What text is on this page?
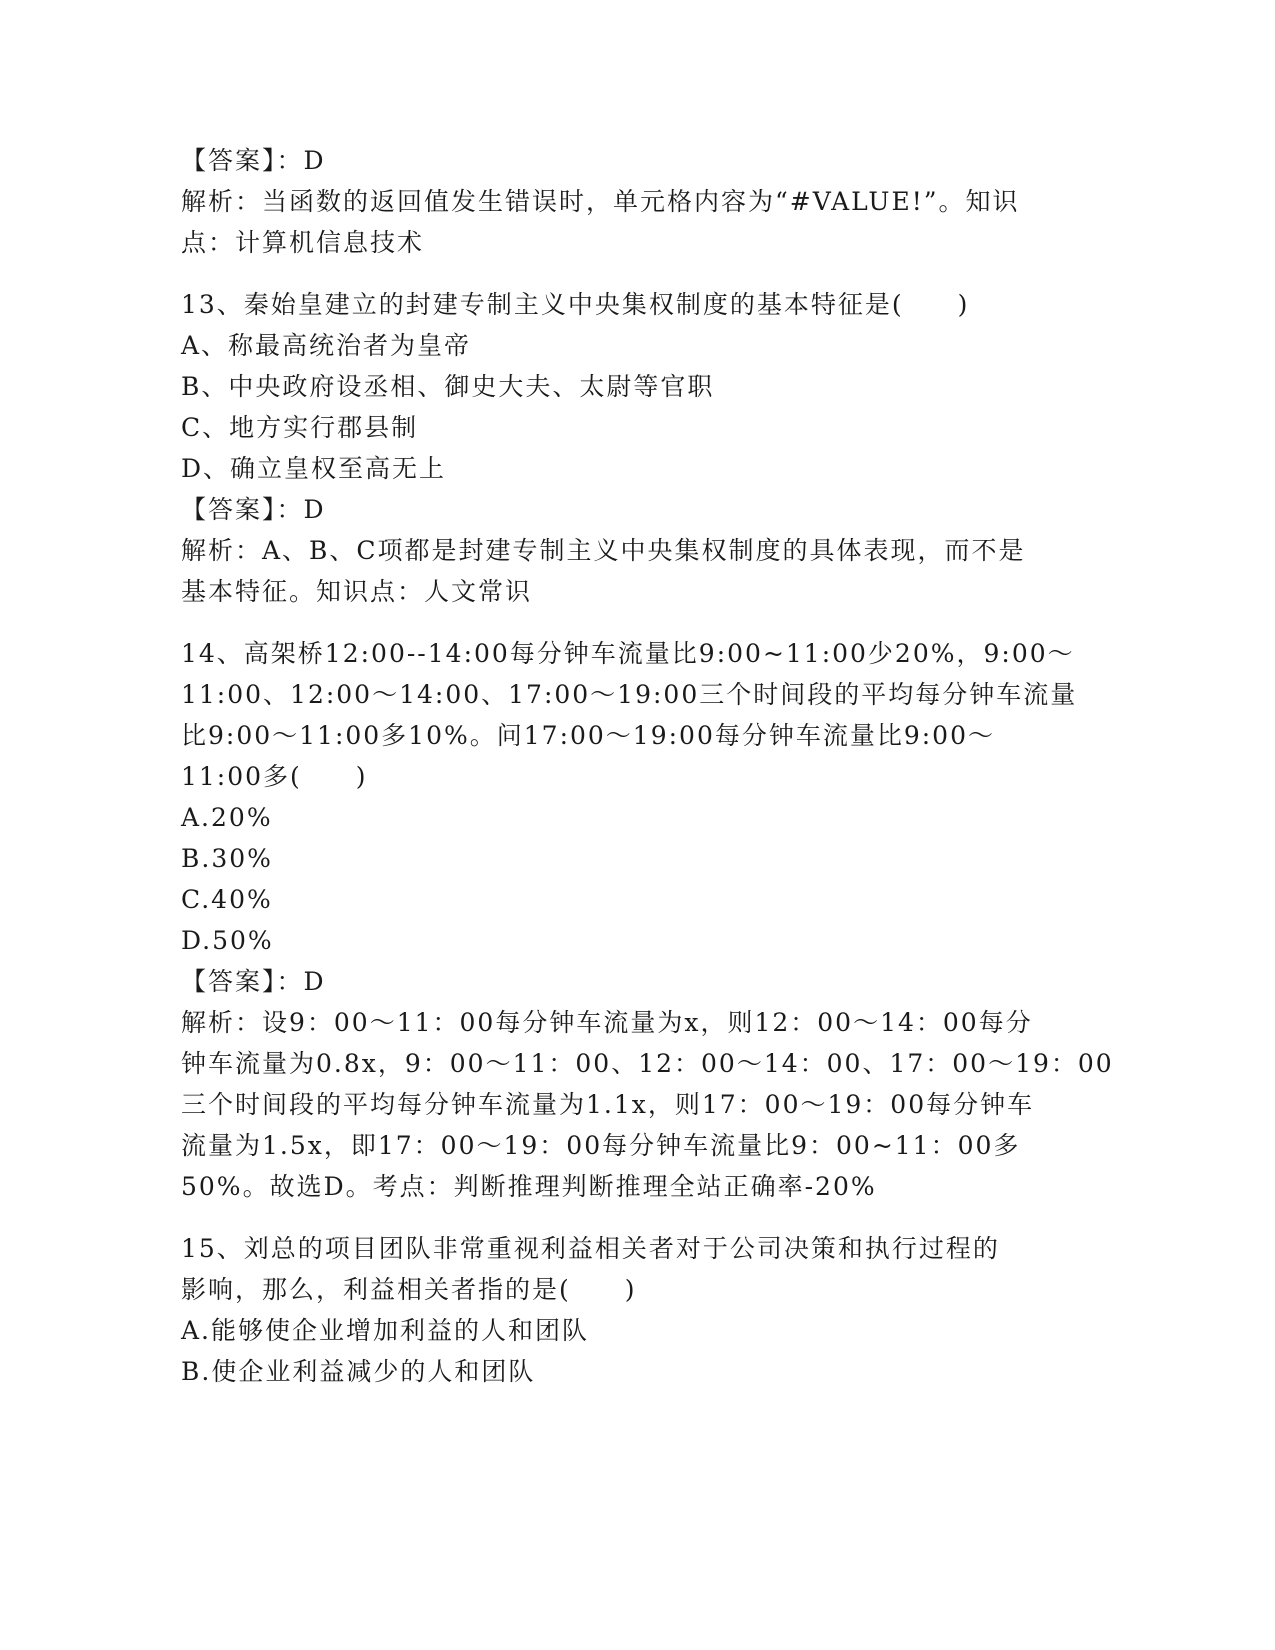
【答案】：D
解析：当函数的返回值发生错误时，单元格内容为“#VALUE!”。知识
点：计算机信息技术
13、秦始皇建立的封建专制主义中央集权制度的基本特征是(　　)
A、称最高统治者为皇帝
B、中央政府设丞相、御史大夫、太尉等官职
C、地方实行郡县制
D、确立皇权至高无上
【答案】：D
解析：A、B、C项都是封建专制主义中央集权制度的具体表现，而不是
基本特征。知识点：人文常识
14、高架桥12:00--14:00每分钟车流量比9:00~11:00少20%，9:00～
11:00、12:00～14:00、17:00～19:00三个时间段的平均每分钟车流量
比9:00～11:00多10%。问17:00～19:00每分钟车流量比9:00～
11:00多(　　)
A.20%
B.30%
C.40%
D.50%
【答案】：D
解析：设9：00～11：00每分钟车流量为x，则12：00～14：00每分
钟车流量为0.8x，9：00～11：00、12：00～14：00、17：00～19：00
三个时间段的平均每分钟车流量为1.1x，则17：00～19：00每分钟车
流量为1.5x，即17：00～19：00每分钟车流量比9：00~11：00多
50%。故选D。考点：判断推理判断推理全站正确率-20%
15、刘总的项目团队非常重视利益相关者对于公司决策和执行过程的
影响，那么，利益相关者指的是(　　)
A.能够使企业增加利益的人和团队
B.使企业利益减少的人和团队
